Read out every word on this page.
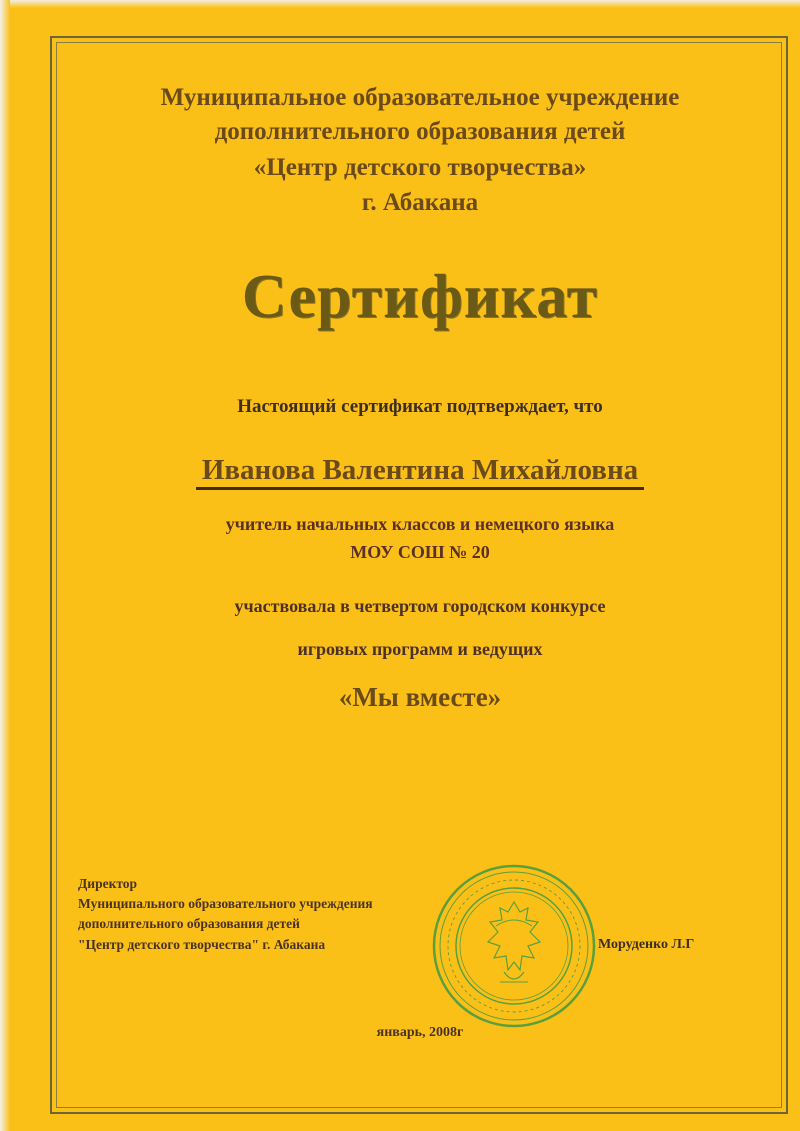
Муниципальное образовательное учреждение
дополнительного образования детей
«Центр детского творчества»
г. Абакана
Сертификат
Настоящий сертификат подтверждает, что
Иванова Валентина Михайловна
учитель начальных классов и немецкого языка
МОУ СОШ № 20
участвовала в четвертом городском конкурсе
игровых программ и ведущих
«Мы вместе»
Директор
Муниципального образовательного учреждения
дополнительного образования детей
"Центр детского творчества" г. Абакана	Моруденко Л.Г
январь, 2008г
